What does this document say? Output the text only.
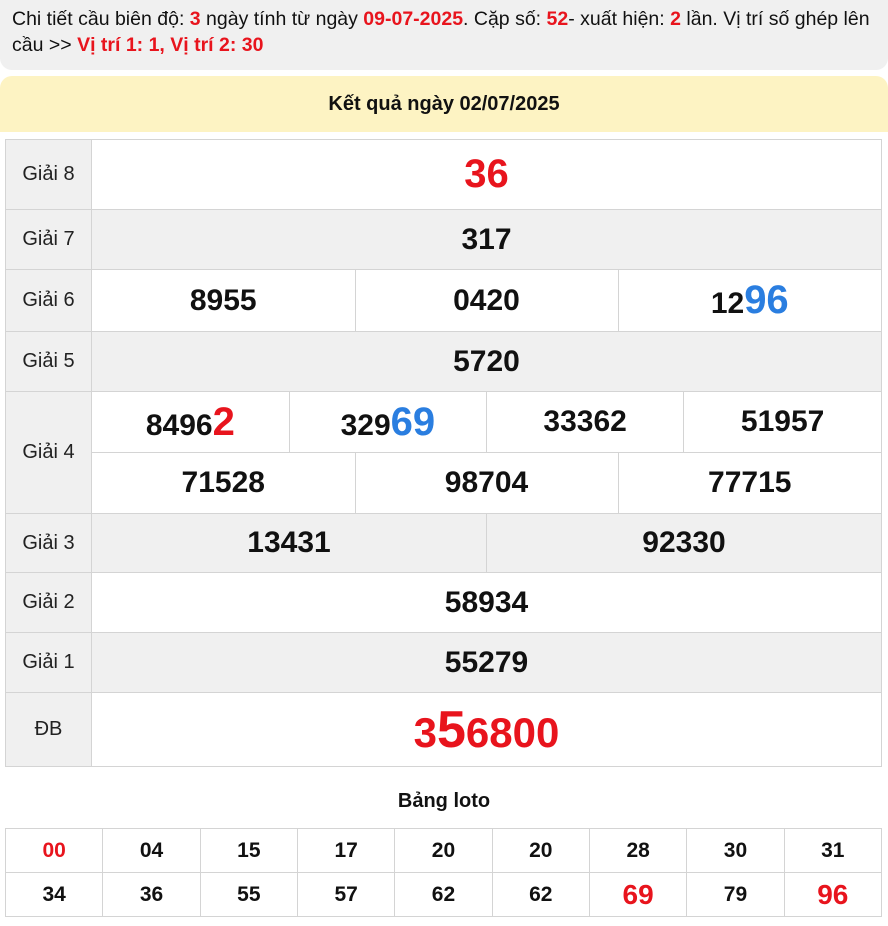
Chi tiết cầu biên độ: 3 ngày tính từ ngày 09-07-2025. Cặp số: 52- xuất hiện: 2 lần. Vị trí số ghép lên cầu >> Vị trí 1: 1, Vị trí 2: 30
Kết quả ngày 02/07/2025
Giải 8	36
Giải 7	317
Giải 6		8955	0420	1296

Giải 5	5720
Giải 4	
84962	32969	33362	51957
71528	98704	77715

Giải 3		13431	92330

Giải 2	58934
Giải 1	55279
ĐB	356800
Bảng loto
00	04	15	17	20	20	28	30	31
34	36	55	57	62	62	69	79	96
